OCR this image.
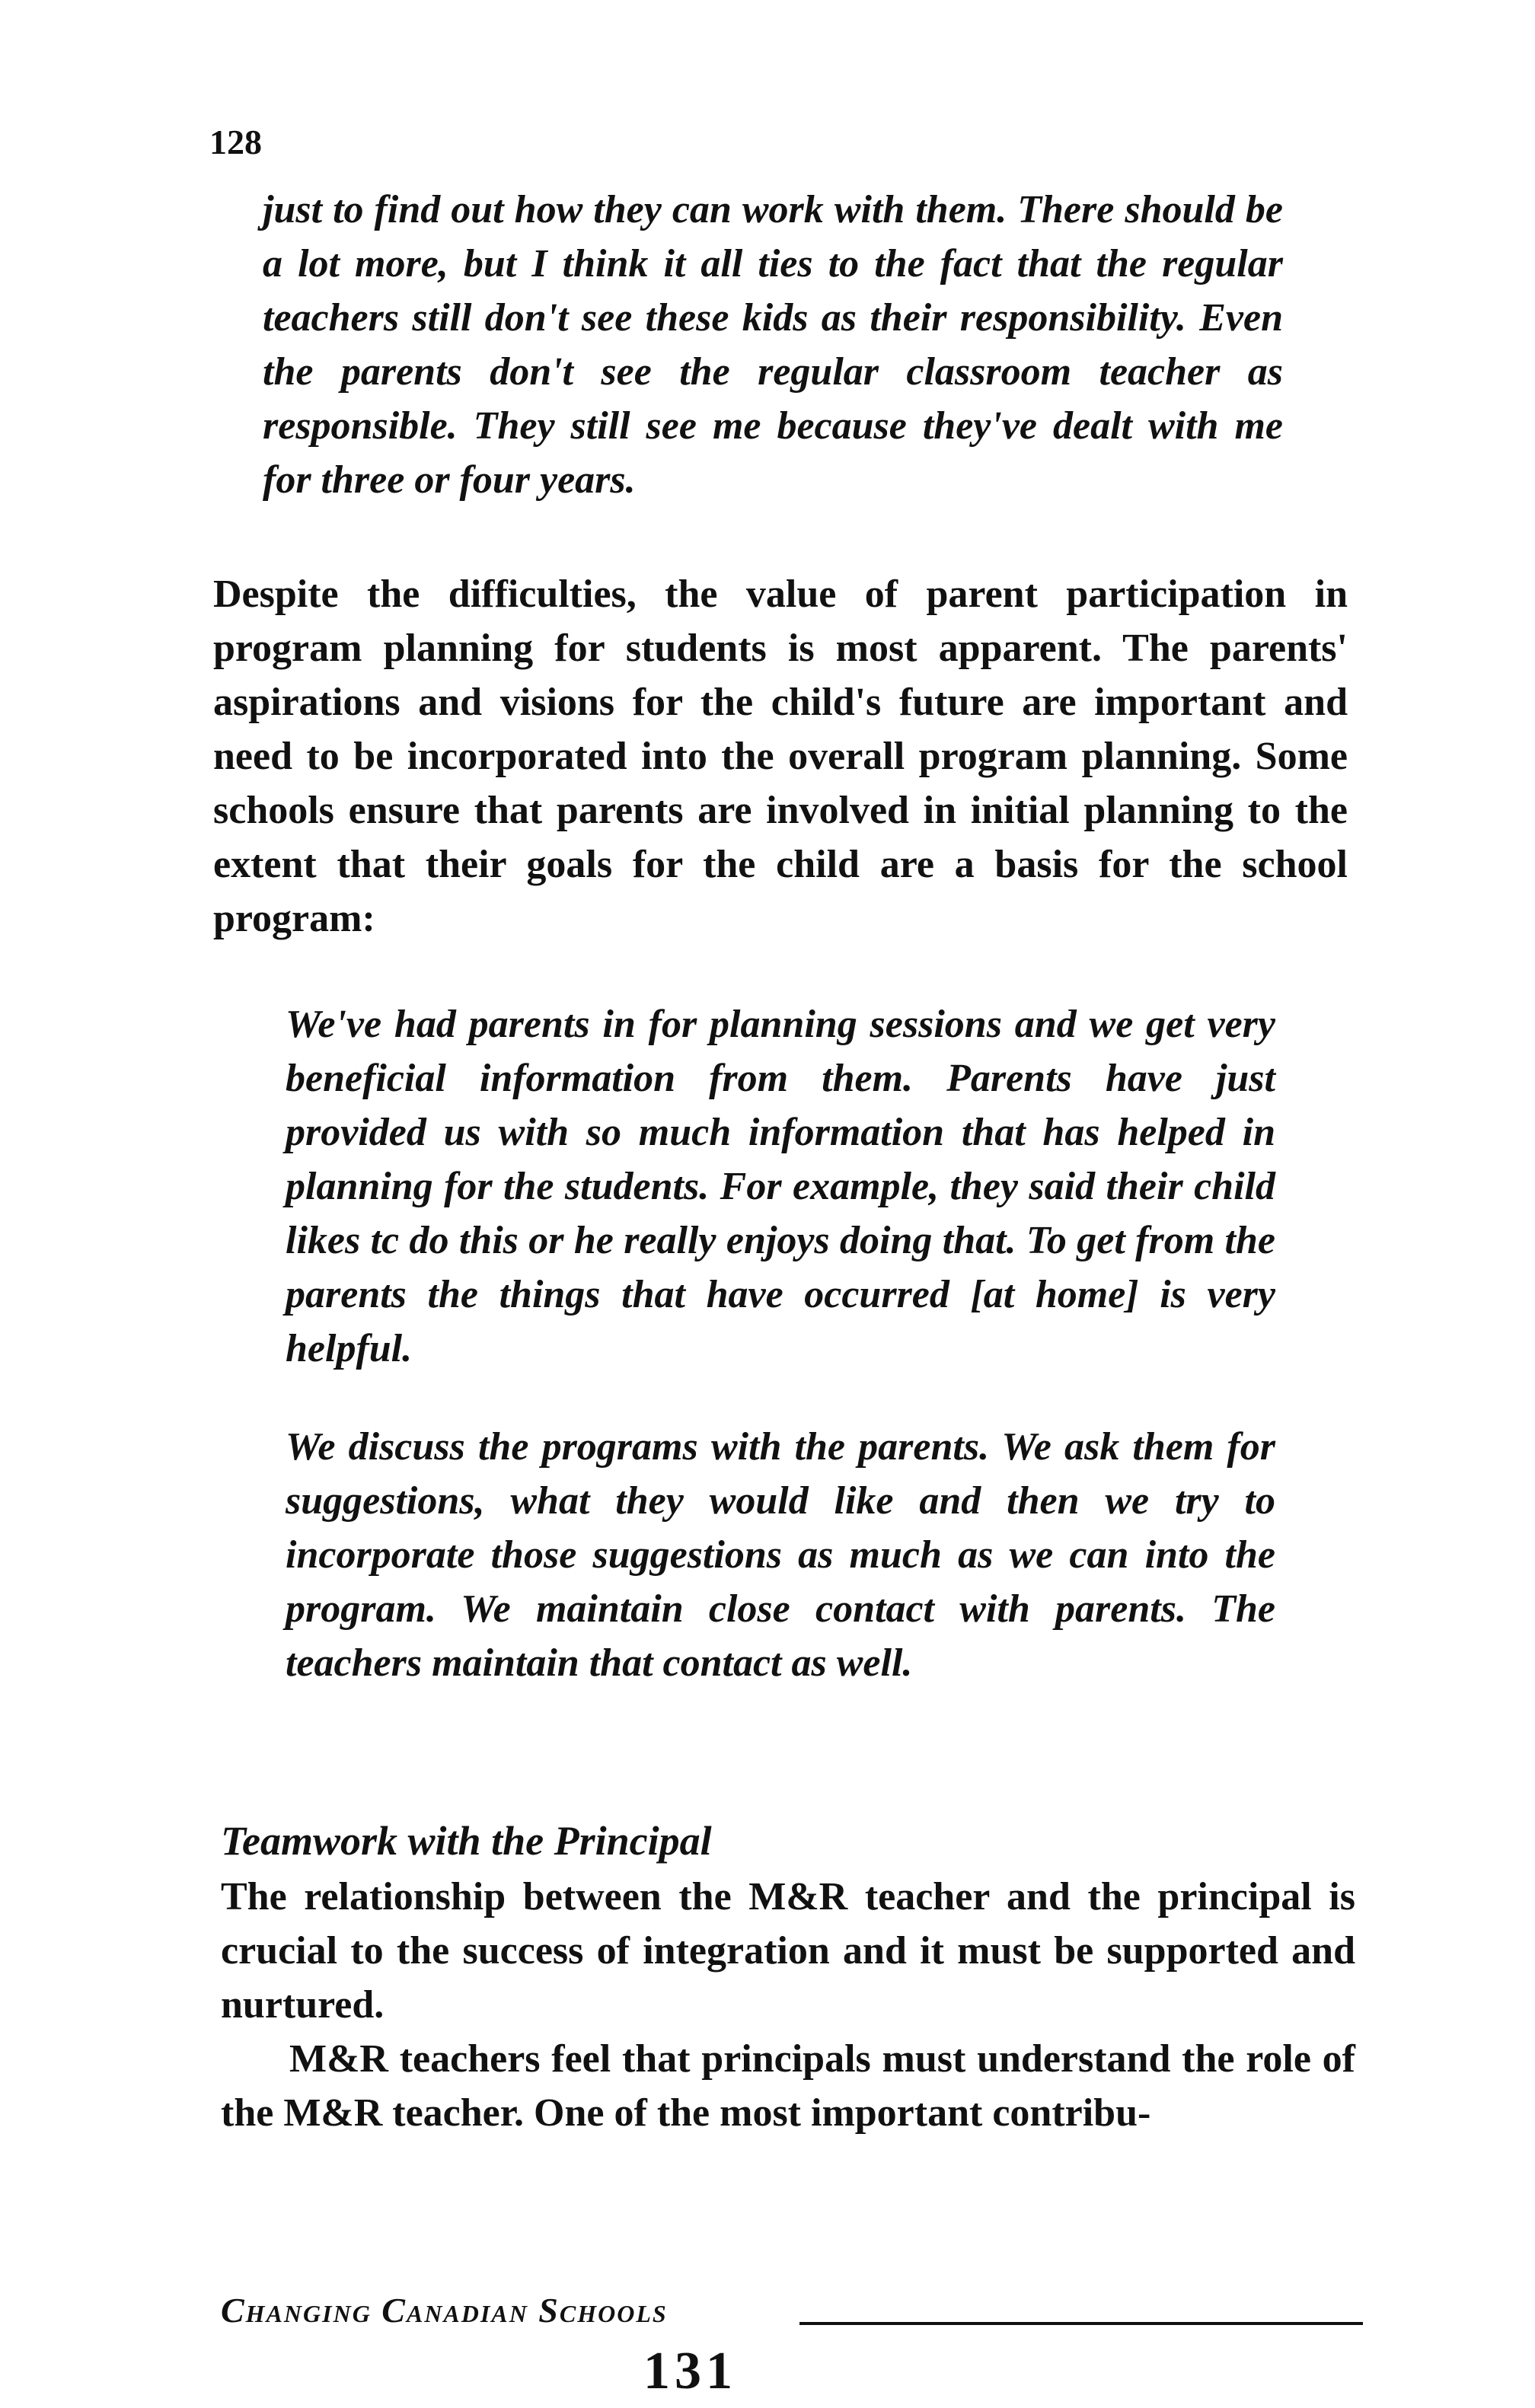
128
just to find out how they can work with them. There should be a lot more, but I think it all ties to the fact that the regular teachers still don't see these kids as their responsibility. Even the parents don't see the regular classroom teacher as responsible. They still see me because they've dealt with me for three or four years.
Despite the difficulties, the value of parent participation in program planning for students is most apparent. The parents' aspirations and visions for the child's future are important and need to be incorporated into the overall program planning. Some schools ensure that parents are involved in initial planning to the extent that their goals for the child are a basis for the school program:
We've had parents in for planning sessions and we get very beneficial information from them. Parents have just provided us with so much information that has helped in planning for the students. For example, they said their child likes tc do this or he really enjoys doing that. To get from the parents the things that have occurred [at home] is very helpful.
We discuss the programs with the parents. We ask them for suggestions, what they would like and then we try to incorporate those suggestions as much as we can into the program. We maintain close contact with parents. The teachers maintain that contact as well.
Teamwork with the Principal

The relationship between the M&R teacher and the principal is crucial to the success of integration and it must be supported and nurtured.

M&R teachers feel that principals must understand the role of the M&R teacher. One of the most important contribu-

Changing Canadian Schools
131
